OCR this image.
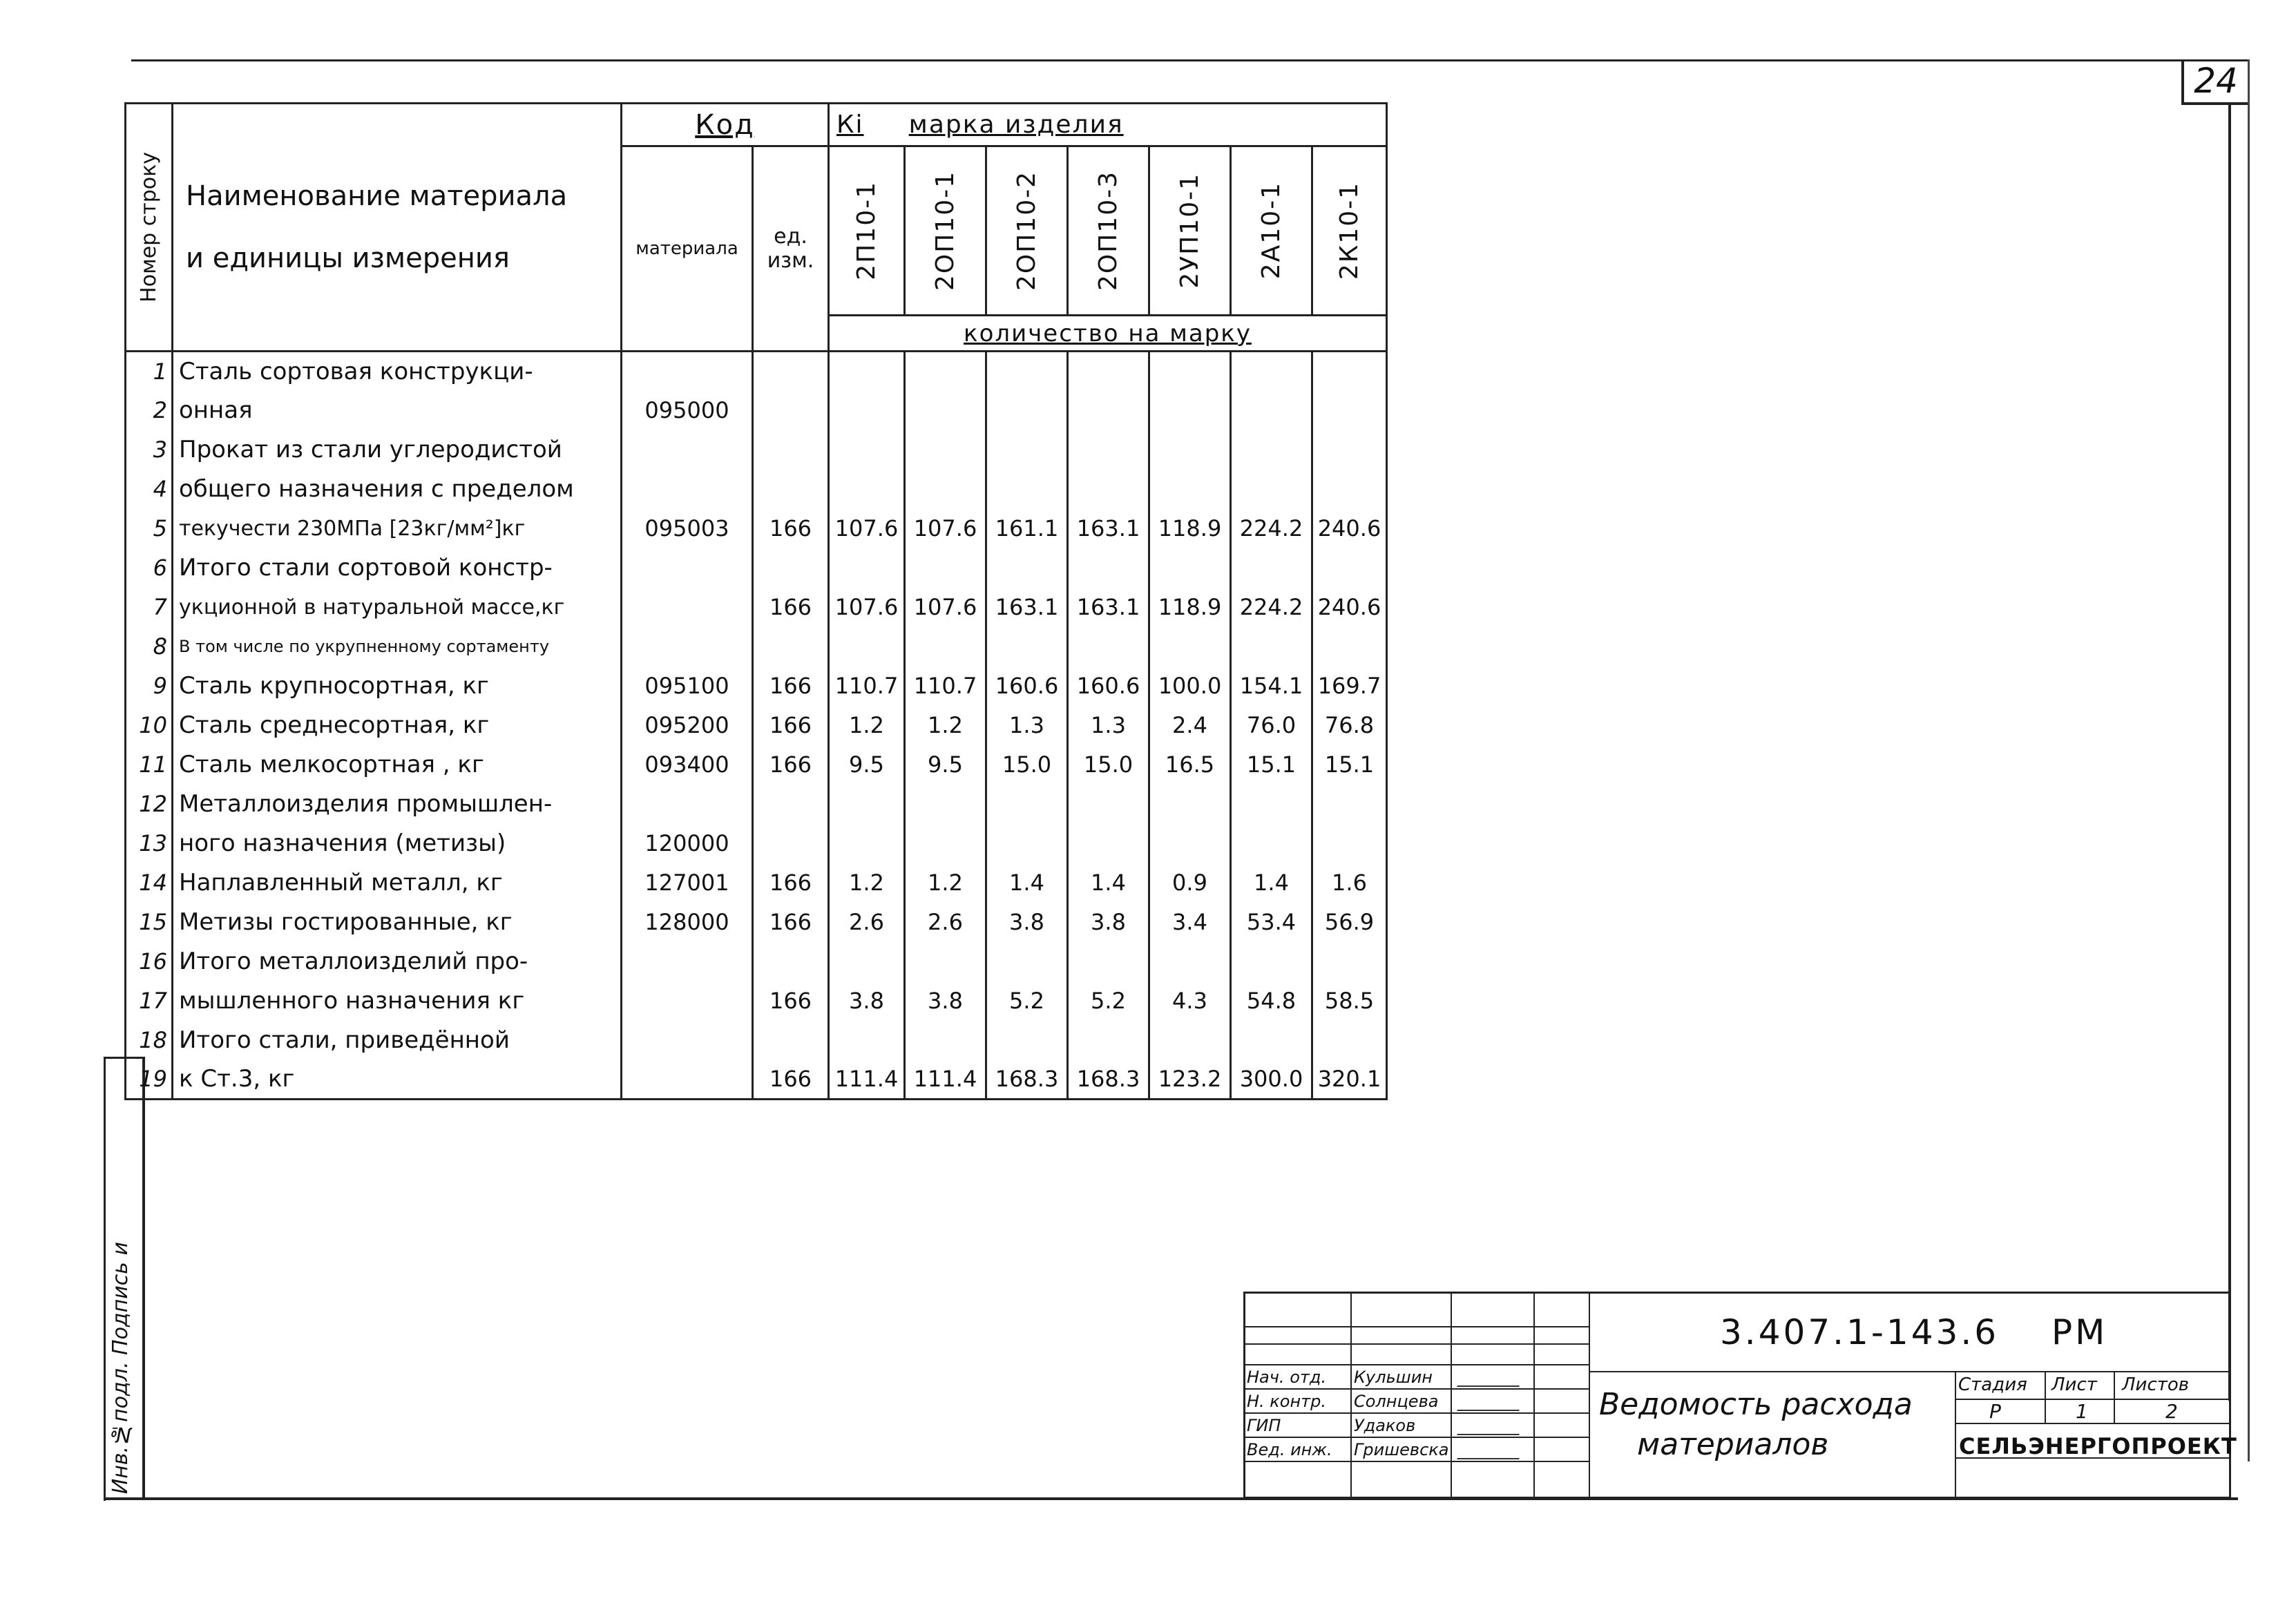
24
Инв.№подл. Подпись и
Номер строку	Наименование материала
и единицы измерения	Код		Кі марка изделия						
		материала	ед. изм.	2П10-1	2ОП10-1	2ОП10-2	2ОП10-3	2УП10-1	2А10-1	2К10-1

				количество на марку						

1	Сталь сортовая конструкци-									

2	онная	095000								

3	Прокат из стали углеродистой									

4	общего назначения с пределом									

5	текучести 230МПа [23кг/мм²]кг	095003	166	107.6	107.6	161.1	163.1	118.9	224.2	240.6

6	Итого стали сортовой констр-									

7	укционной в натуральной массе,кг		166	107.6	107.6	163.1	163.1	118.9	224.2	240.6

8	В том числе по укрупненному сортаменту									

9	Сталь крупносортная, кг	095100	166	110.7	110.7	160.6	160.6	100.0	154.1	169.7

10	Сталь среднесортная, кг	095200	166	1.2	1.2	1.3	1.3	2.4	76.0	76.8

11	Сталь мелкосортная , кг	093400	166	9.5	9.5	15.0	15.0	16.5	15.1	15.1

12	Металлоизделия промышлен-									

13	ного назначения (метизы)	120000								

14	Наплавленный металл, кг	127001	166	1.2	1.2	1.4	1.4	0.9	1.4	1.6

15	Метизы гостированные, кг	128000	166	2.6	2.6	3.8	3.8	3.4	53.4	56.9

16	Итого металлоизделий про-									

17	мышленного назначения кг		166	3.8	3.8	5.2	5.2	4.3	54.8	58.5

18	Итого стали, приведённой									

19	к Ст.3, кг		166	111.4	111.4	168.3	168.3	123.2	300.0	320.1
3.407.1-143.6 РМ
Ведомость расхода
материалов
Стадия Лист Листов
Р	1	2
СЕЛЬЭНЕРГОПРОЕКТ
Нач. отд. Кульшин
Н. контр. Солнцева
ГИП	Удаков
Вед. инж. Гришевска
